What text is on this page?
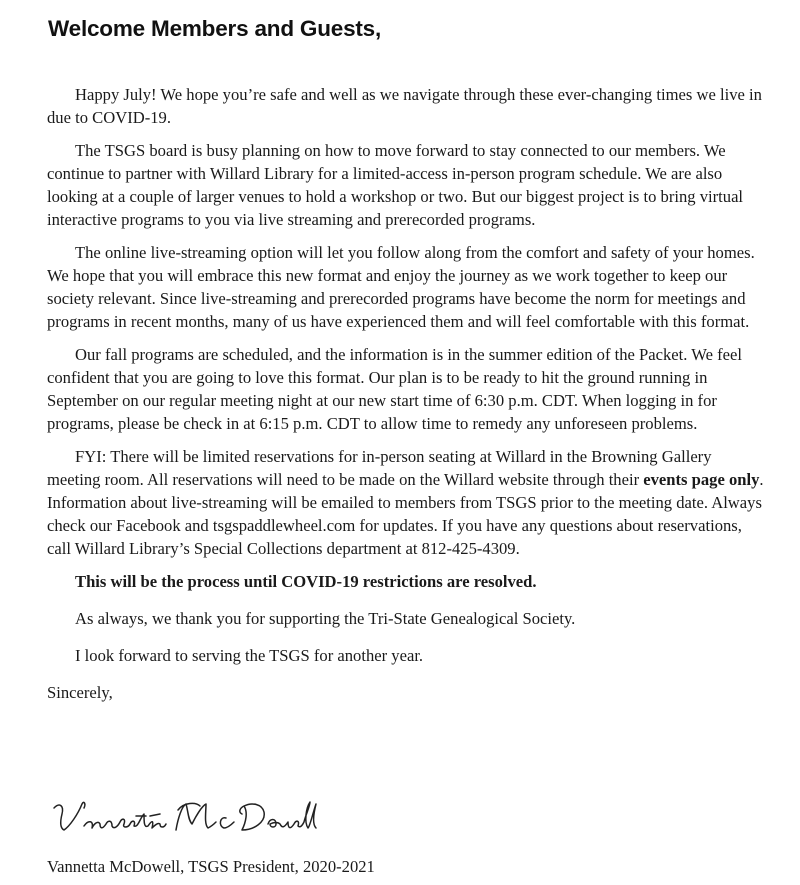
Welcome Members and Guests,

Happy July! We hope you’re safe and well as we navigate through these ever-changing times we live in due to COVID-19.

The TSGS board is busy planning on how to move forward to stay connected to our members. We continue to partner with Willard Library for a limited-access in-person program schedule. We are also looking at a couple of larger venues to hold a workshop or two. But our biggest project is to bring virtual interactive programs to you via live streaming and prerecorded programs.

The online live-streaming option will let you follow along from the comfort and safety of your homes. We hope that you will embrace this new format and enjoy the journey as we work together to keep our society relevant. Since live-streaming and prerecorded programs have become the norm for meetings and programs in recent months, many of us have experienced them and will feel comfortable with this format.

Our fall programs are scheduled, and the information is in the summer edition of the Packet. We feel confident that you are going to love this format. Our plan is to be ready to hit the ground running in September on our regular meeting night at our new start time of 6:30 p.m. CDT. When logging in for programs, please be check in at 6:15 p.m. CDT to allow time to remedy any unforeseen problems.

FYI: There will be limited reservations for in-person seating at Willard in the Browning Gallery meeting room. All reservations will need to be made on the Willard website through their events page only. Information about live-streaming will be emailed to members from TSGS prior to the meeting date. Always check our Facebook and tsgspaddlewheel.com for updates. If you have any questions about reservations, call Willard Library’s Special Collections department at 812-425-4309.

This will be the process until COVID-19 restrictions are resolved.

As always, we thank you for supporting the Tri-State Genealogical Society.

I look forward to serving the TSGS for another year.

Sincerely,

Vannetta McDowell, TSGS President, 2020-2021
